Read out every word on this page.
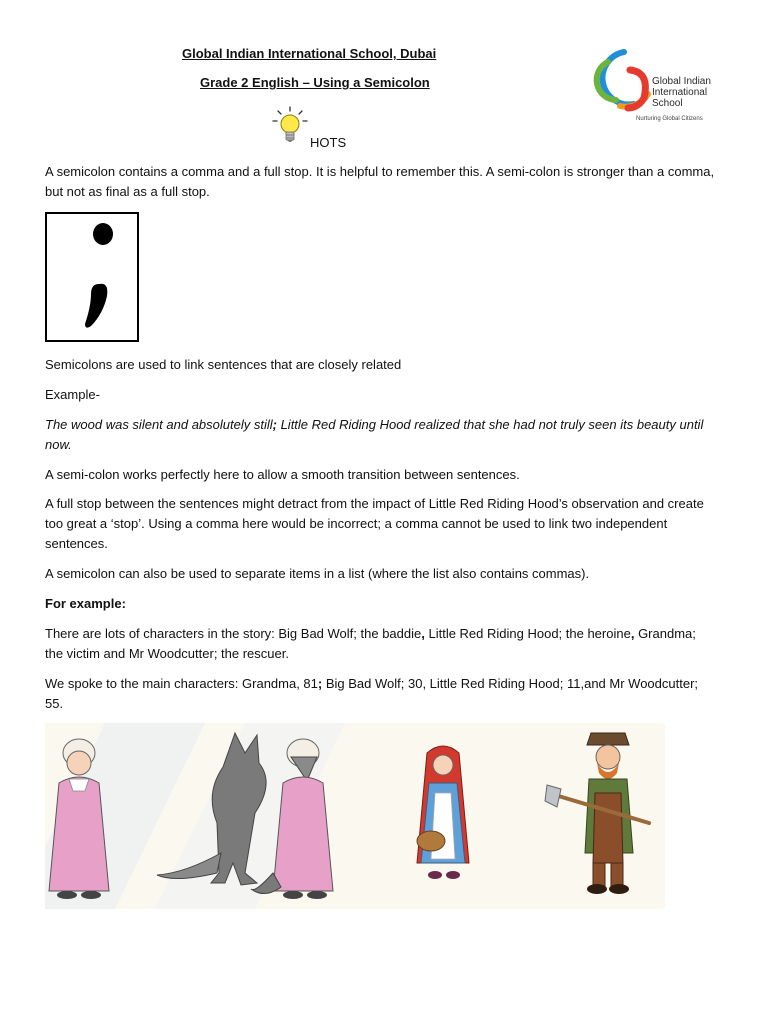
Global Indian International School, Dubai
Grade 2 English – Using a Semicolon
HOTS
Global Indian
International
School
Nurturing Global Citizens

A semicolon contains a comma and a full stop. It is helpful to remember this. A semi-colon is stronger than a comma, but not as final as a full stop.

Semicolons are used to link sentences that are closely related

Example-

The wood was silent and absolutely still; Little Red Riding Hood realized that she had not truly seen its beauty until now.

A semi-colon works perfectly here to allow a smooth transition between sentences.

A full stop between the sentences might detract from the impact of Little Red Riding Hood’s observation and create too great a ‘stop’. Using a comma here would be incorrect; a comma cannot be used to link two independent sentences.

A semicolon can also be used to separate items in a list (where the list also contains commas).

For example:

There are lots of characters in the story: Big Bad Wolf; the baddie, Little Red Riding Hood; the heroine, Grandma; the victim and Mr Woodcutter; the rescuer.

We spoke to the main characters: Grandma, 81; Big Bad Wolf; 30, Little Red Riding Hood; 11,and Mr Woodcutter; 55.
